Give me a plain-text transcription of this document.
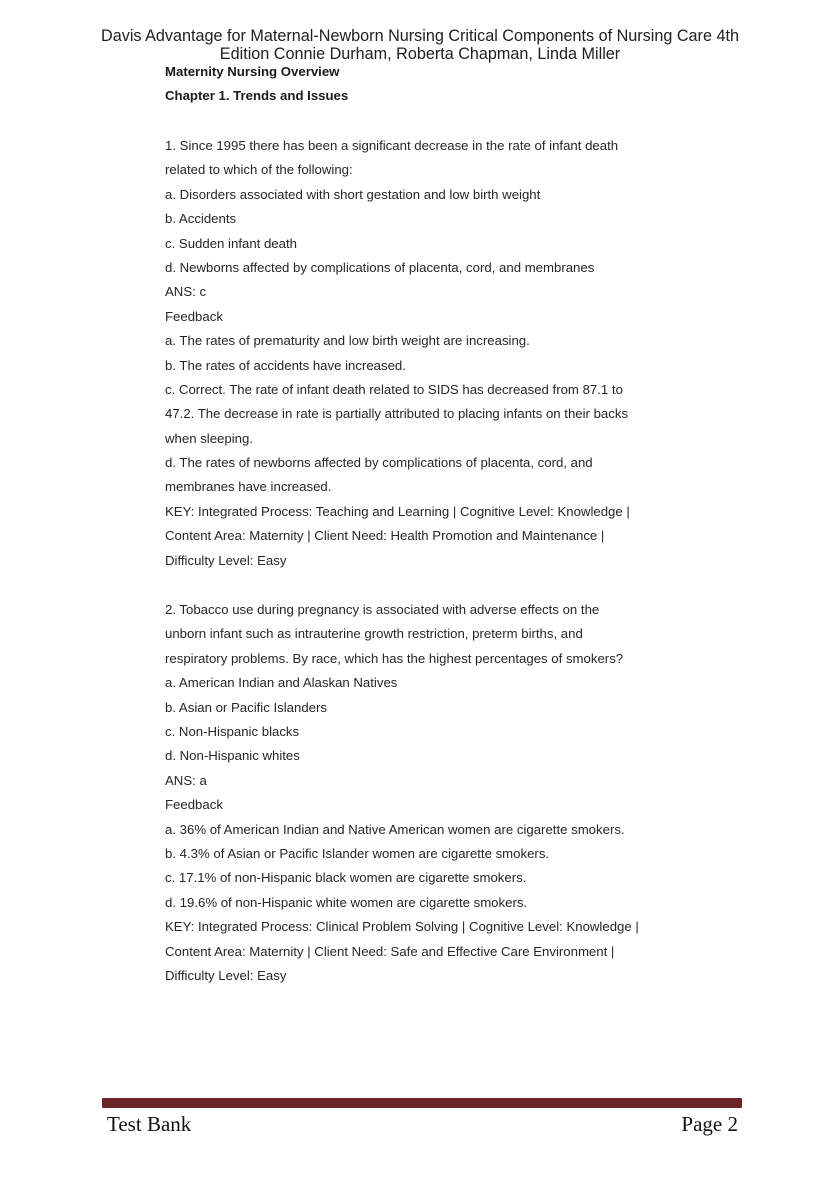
Davis Advantage for Maternal-Newborn Nursing Critical Components of Nursing Care 4th
Edition Connie Durham, Roberta Chapman, Linda Miller
Maternity Nursing Overview
Chapter 1. Trends and Issues
1. Since 1995 there has been a significant decrease in the rate of infant death
related to which of the following:
a. Disorders associated with short gestation and low birth weight
b. Accidents
c. Sudden infant death
d. Newborns affected by complications of placenta, cord, and membranes
ANS: c
Feedback
a. The rates of prematurity and low birth weight are increasing.
b. The rates of accidents have increased.
c. Correct. The rate of infant death related to SIDS has decreased from 87.1 to
47.2. The decrease in rate is partially attributed to placing infants on their backs
when sleeping.
d. The rates of newborns affected by complications of placenta, cord, and
membranes have increased.
KEY: Integrated Process: Teaching and Learning | Cognitive Level: Knowledge |
Content Area: Maternity | Client Need: Health Promotion and Maintenance |
Difficulty Level: Easy
2. Tobacco use during pregnancy is associated with adverse effects on the
unborn infant such as intrauterine growth restriction, preterm births, and
respiratory problems. By race, which has the highest percentages of smokers?
a. American Indian and Alaskan Natives
b. Asian or Pacific Islanders
c. Non-Hispanic blacks
d. Non-Hispanic whites
ANS: a
Feedback
a. 36% of American Indian and Native American women are cigarette smokers.
b. 4.3% of Asian or Pacific Islander women are cigarette smokers.
c. 17.1% of non-Hispanic black women are cigarette smokers.
d. 19.6% of non-Hispanic white women are cigarette smokers.
KEY: Integrated Process: Clinical Problem Solving | Cognitive Level: Knowledge |
Content Area: Maternity | Client Need: Safe and Effective Care Environment |
Difficulty Level: Easy
Test Bank	Page 2
